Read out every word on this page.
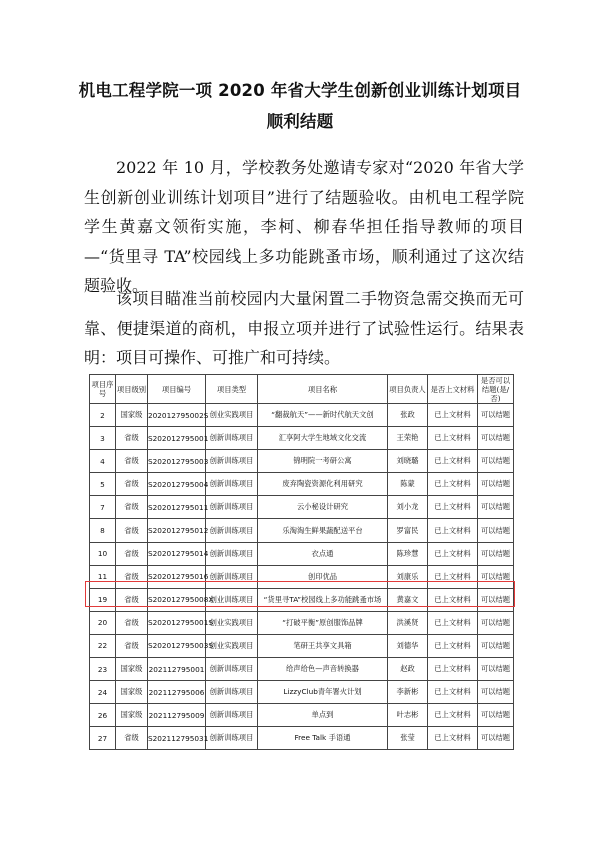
机电工程学院一项 2020 年省大学生创新创业训练计划项目
顺利结题

2022 年 10 月，学校教务处邀请专家对“2020 年省大学生创新创业训练计划项目”进行了结题验收。由机电工程学院学生黄嘉文领衔实施，李柯、柳春华担任指导教师的项目—“货里寻 TA”校园线上多功能跳蚤市场，顺利通过了这次结题验收。

该项目瞄准当前校园内大量闲置二手物资急需交换而无可靠、便捷渠道的商机，申报立项并进行了试验性运行。结果表明：项目可操作、可推广和可持续。

项目序号	项目级别	项目编号	项目类型	项目名称	项目负责人	是否上文材料	是否可以结题(是/否)
2	国家级	202012795002S	创业实践项目	“翻裁航天”——新时代航天文创	张政	已上文材料	可以结题
3	省级	S202012795001	创新训练项目	汇享阿大学生地域文化交流	王荣艳	已上文材料	可以结题
4	省级	S202012795003	创新训练项目	锦明院一考研公寓	刘晓璐	已上文材料	可以结题
5	省级	S202012795004	创新训练项目	废弃陶瓷资源化利用研究	陈蒙	已上文材料	可以结题
7	省级	S202012795011	创新训练项目	云小秘设计研究	刘小龙	已上文材料	可以结题
8	省级	S202012795012	创新训练项目	乐淘淘生鲜果蔬配送平台	罗富民	已上文材料	可以结题
10	省级	S202012795014	创新训练项目	衣点通	陈珍慧	已上文材料	可以结题
11	省级	S202012795016	创新训练项目	创印优品	刘康乐	已上文材料	可以结题
19	省级	S202012795008X	创业训练项目	“货里寻TA”校园线上多功能跳蚤市场	黄嘉文	已上文材料	可以结题
20	省级	S202012795001S	创业实践项目	“打破平衡”原创服饰品牌	洪溪贤	已上文材料	可以结题
22	省级	S202012795003S	创业实践项目	笔研王共享文具箱	刘德华	已上文材料	可以结题
23	国家级	202112795001	创新训练项目	给声给色—声音转换器	赵政	已上文材料	可以结题
24	国家级	202112795006	创新训练项目	LizzyClub青年署火计划	李新彬	已上文材料	可以结题
26	国家级	202112795009	创新训练项目	单点到	叶志彬	已上文材料	可以结题
27	省级	S202112795031	创新训练项目	Free Talk 手语通	张莹	已上文材料	可以结题
